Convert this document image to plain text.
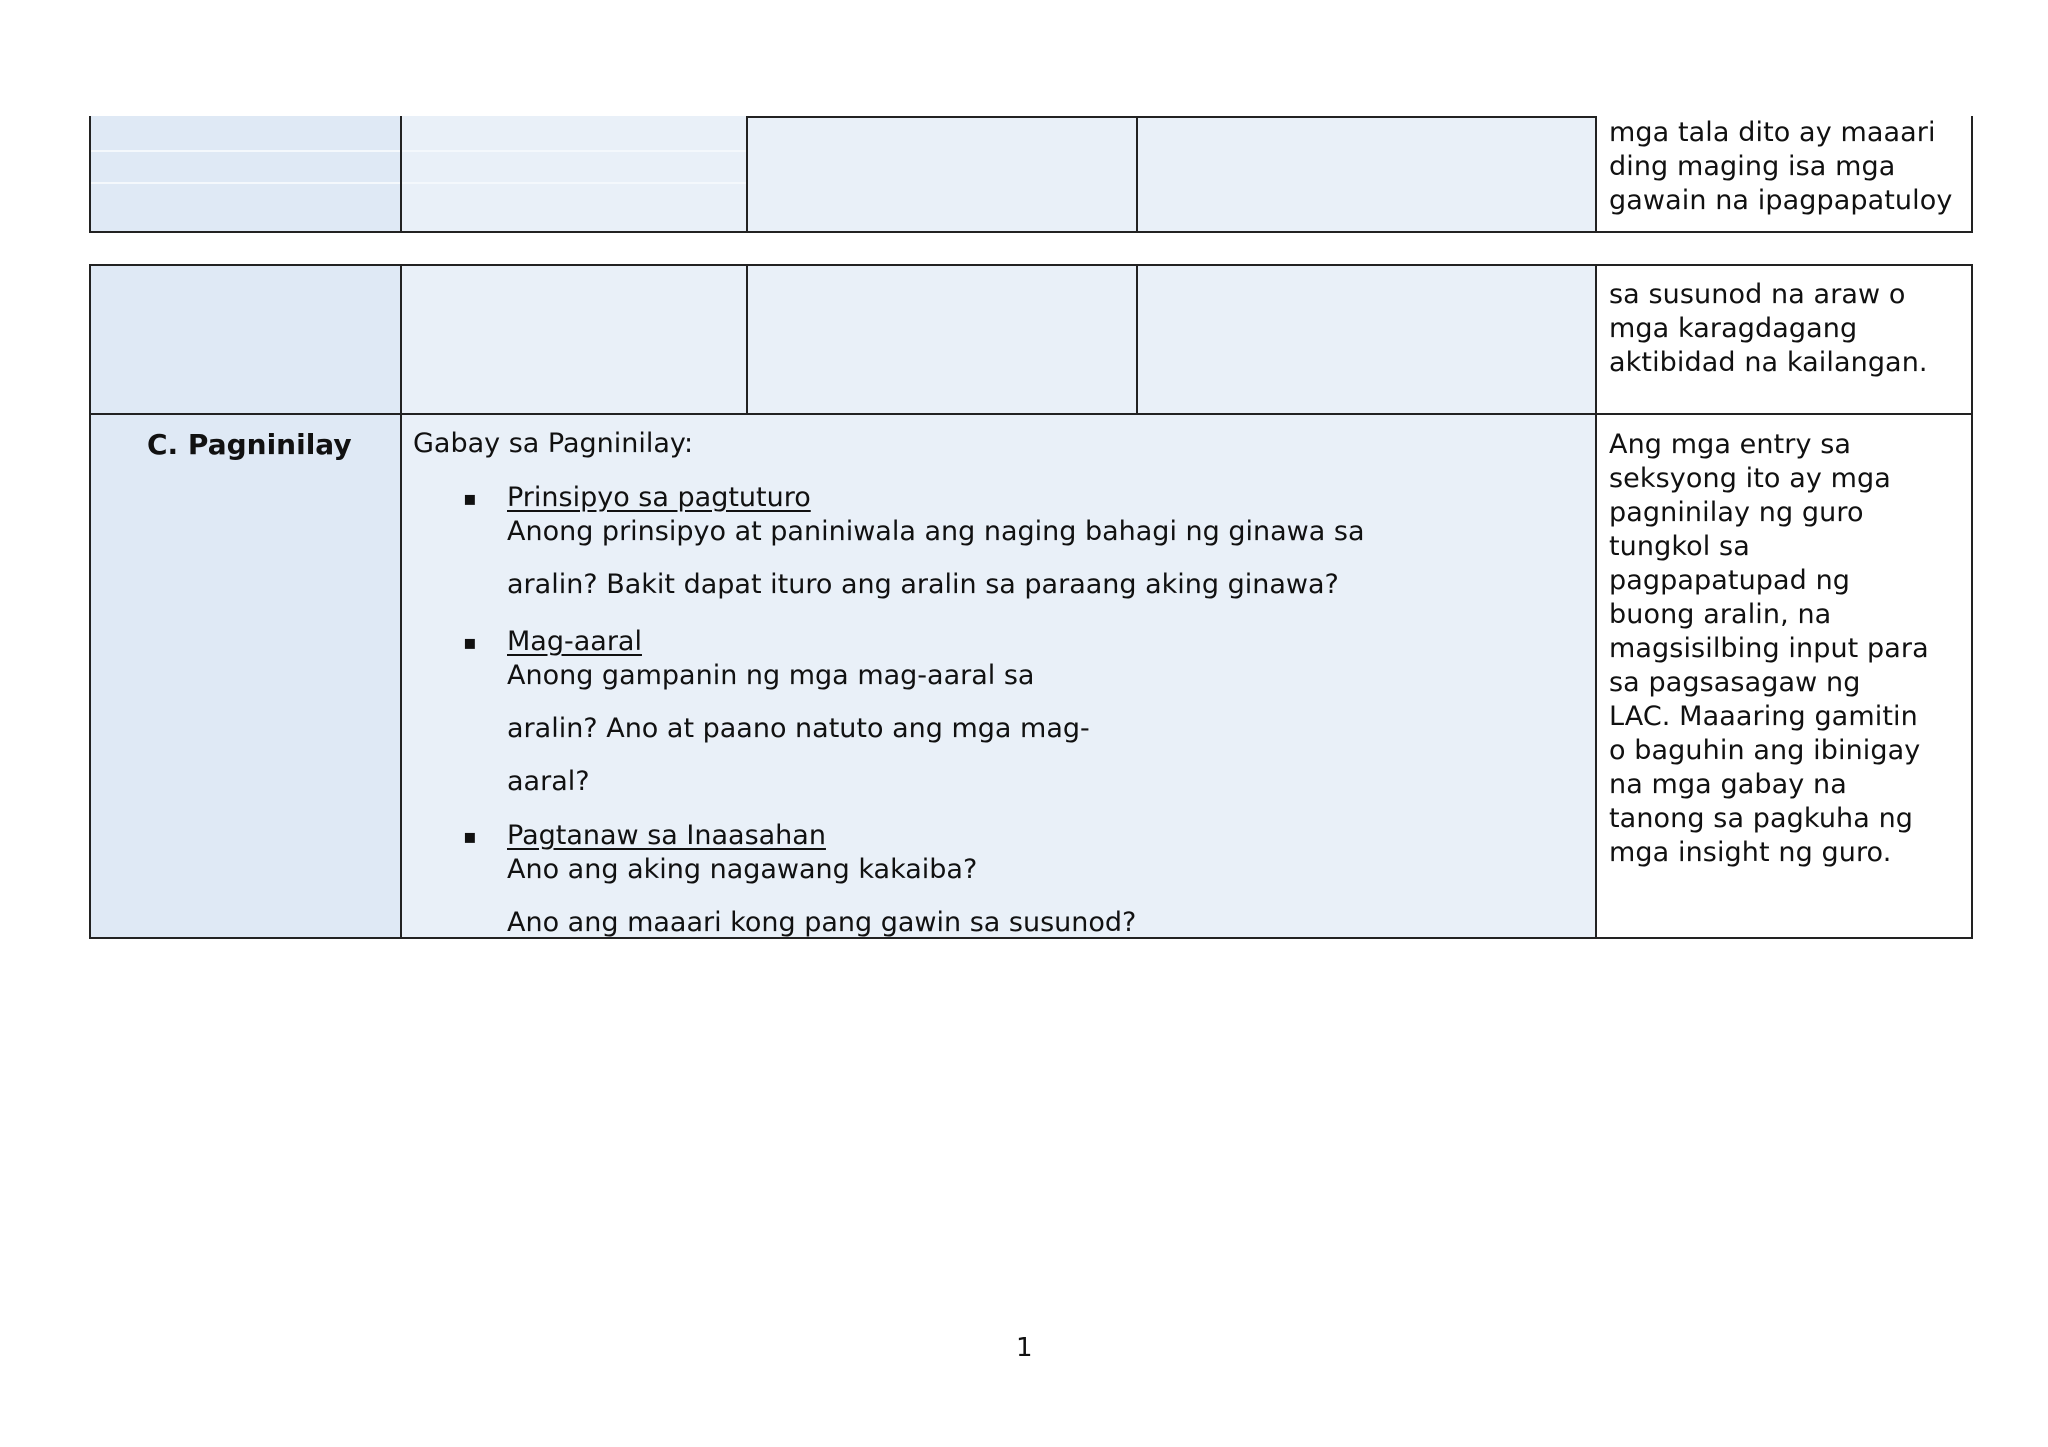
mga tala dito ay maaari
ding maging isa mga
gawain na ipagpapatuloy
sa susunod na araw o
mga karagdagang
aktibidad na kailangan.
C. Pagninilay Gabay sa Pagninilay:
▪ Prinsipyo sa pagtuturo
Anong prinsipyo at paniniwala ang naging bahagi ng ginawa sa
aralin? Bakit dapat ituro ang aralin sa paraang aking ginawa?
▪ Mag-aaral
Anong gampanin ng mga mag-aaral sa
aralin? Ano at paano natuto ang mga mag-
aaral?
▪ Pagtanaw sa Inaasahan
Ano ang aking nagawang kakaiba?
Ano ang maaari kong pang gawin sa susunod?
Ang mga entry sa
seksyong ito ay mga
pagninilay ng guro
tungkol sa
pagpapatupad ng
buong aralin, na
magsisilbing input para
sa pagsasagaw ng
LAC. Maaaring gamitin
o baguhin ang ibinigay
na mga gabay na
tanong sa pagkuha ng
mga insight ng guro.
1
